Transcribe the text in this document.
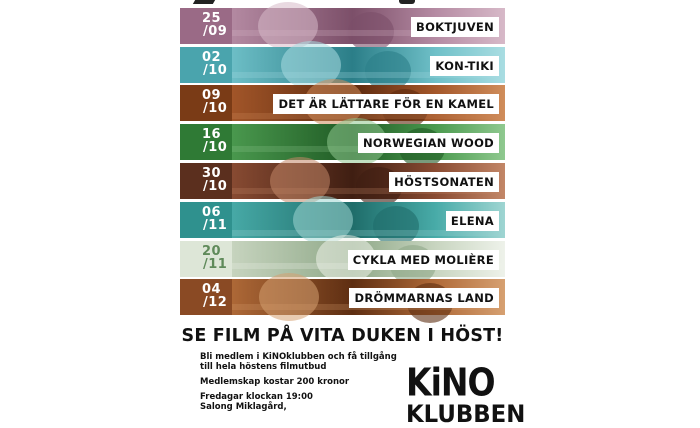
25
/09	BOKTJUVEN
02
/10	KON-TIKI
09
/10	DET ÄR LÄTTARE FÖR EN KAMEL
16
/10	NORWEGIAN WOOD
30
/10	HÖSTSONATEN
06
/11	ELENA
20
/11	CYKLA MED MOLIÈRE
04
/12	DRÖMMARNAS LAND
SE FILM PÅ VITA DUKEN I HÖST!

Bli medlem i KiNOklubben och få tillgång
till hela höstens filmutbud

Medlemskap kostar 200 kronor

Fredagar klockan 19:00
Salong Miklagård,

KiNO
KLUBBEN
